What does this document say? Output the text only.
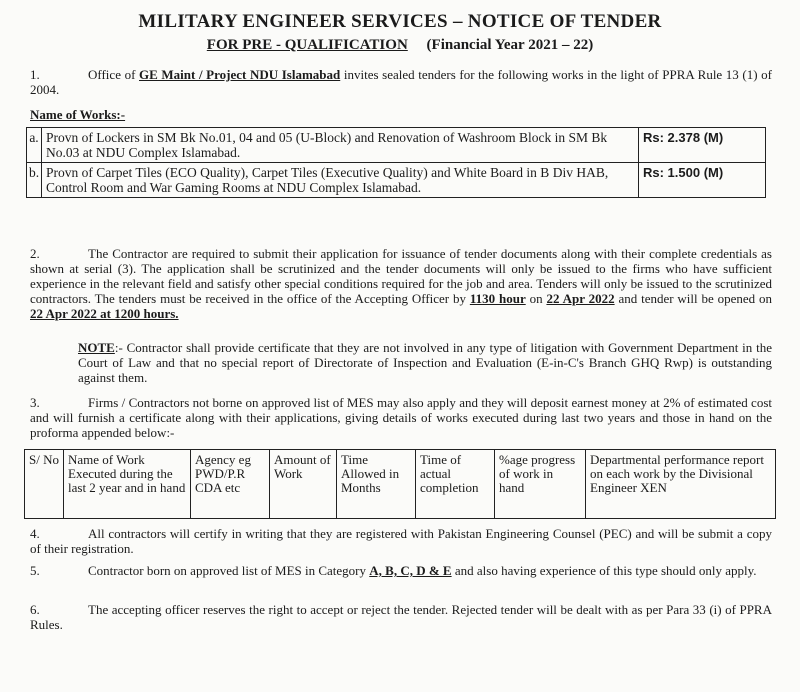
MILITARY ENGINEER SERVICES – NOTICE OF TENDER
FOR PRE - QUALIFICATION (Financial Year 2021 – 22)
1.	Office of GE Maint / Project NDU Islamabad invites sealed tenders for the following works in the light of PPRA Rule 13 (1) of 2004.
Name of Works:-
a.	Provn of Lockers in SM Bk No.01, 04 and 05 (U-Block) and Renovation of Washroom Block in SM Bk No.03 at NDU Complex Islamabad.	Rs: 2.378 (M)
b.	Provn of Carpet Tiles (ECO Quality), Carpet Tiles (Executive Quality) and White Board in B Div HAB, Control Room and War Gaming Rooms at NDU Complex Islamabad.	Rs: 1.500 (M)
2.	The Contractor are required to submit their application for issuance of tender documents along with their complete credentials as shown at serial (3). The application shall be scrutinized and the tender documents will only be issued to the firms who have sufficient experience in the relevant field and satisfy other special conditions required for the job and area. Tenders will only be issued to the scrutinized contractors. The tenders must be received in the office of the Accepting Officer by 1130 hour on 22 Apr 2022 and tender will be opened on 22 Apr 2022 at 1200 hours.
NOTE:- Contractor shall provide certificate that they are not involved in any type of litigation with Government Department in the Court of Law and that no special report of Directorate of Inspection and Evaluation (E-in-C's Branch GHQ Rwp) is outstanding against them.
3.	Firms / Contractors not borne on approved list of MES may also apply and they will deposit earnest money at 2% of estimated cost and will furnish a certificate along with their applications, giving details of works executed during last two years and those in hand on the proforma appended below:-
S/ No	Name of Work Executed during the last 2 year and in hand	Agency eg PWD/P.R CDA etc	Amount of Work	Time Allowed in Months	Time of actual completion	%age progress of work in hand	Departmental performance report on each work by the Divisional Engineer XEN
4.	All contractors will certify in writing that they are registered with Pakistan Engineering Counsel (PEC) and will be submit a copy of their registration.
5.	Contractor born on approved list of MES in Category A, B, C, D & E and also having experience of this type should only apply.
6.	The accepting officer reserves the right to accept or reject the tender. Rejected tender will be dealt with as per Para 33 (i) of PPRA Rules.
